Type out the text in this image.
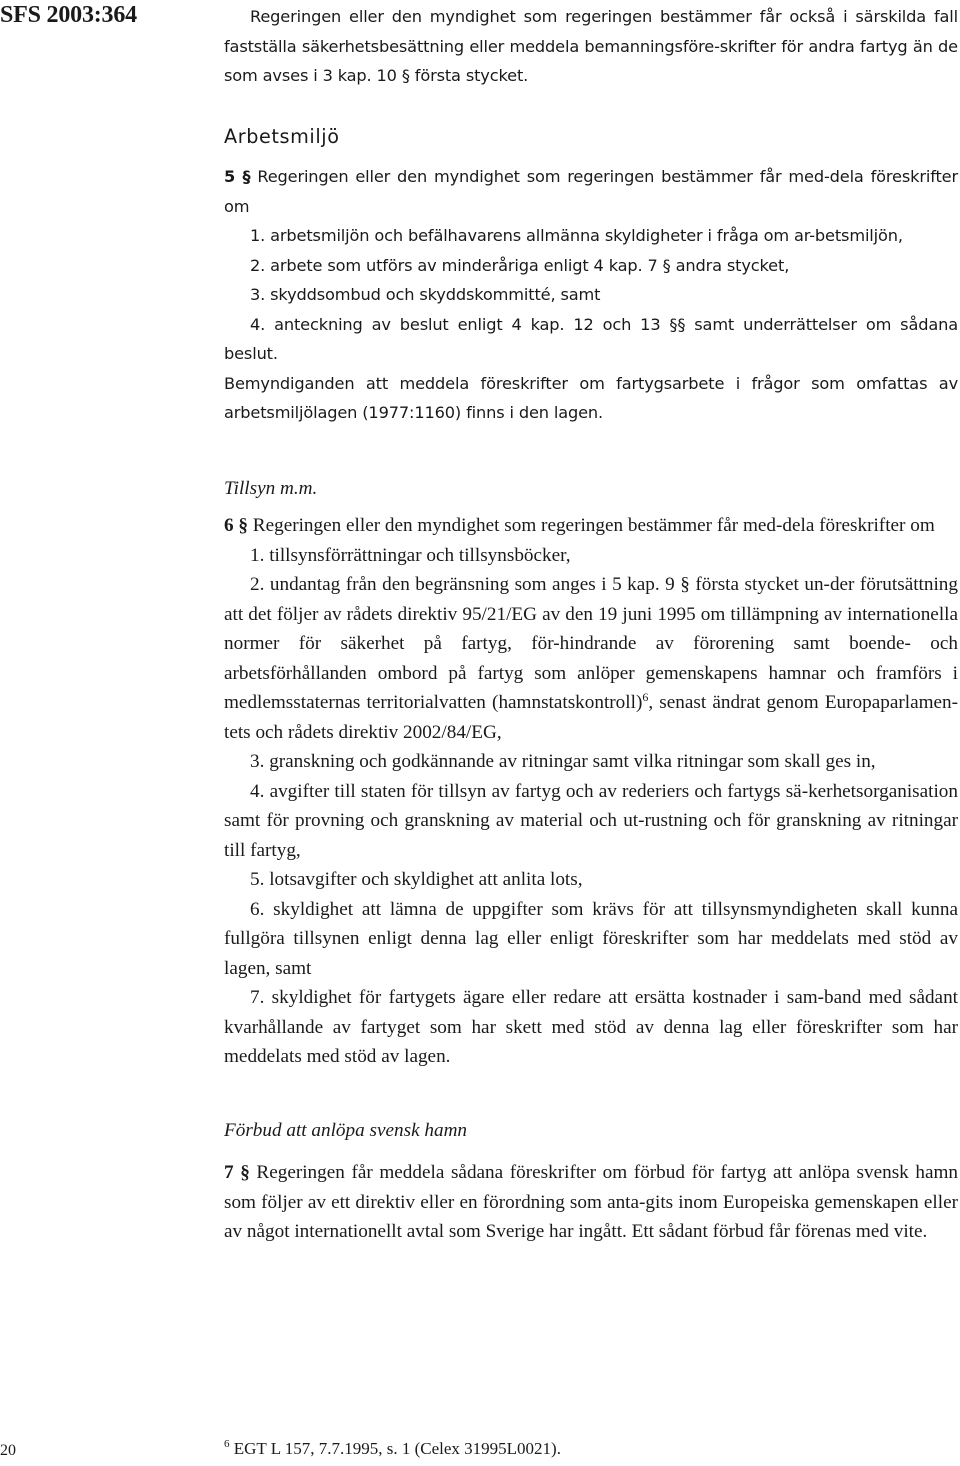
SFS 2003:364	Regeringen eller den myndighet som regeringen bestämmer får också i särskilda fall fastställa säkerhetsbesättning eller meddela bemanningsföre-skrifter för andra fartyg än de som avses i 3 kap. 10 § första stycket.

Arbetsmiljö

5 § Regeringen eller den myndighet som regeringen bestämmer får med-dela föreskrifter om

1. arbetsmiljön och befälhavarens allmänna skyldigheter i fråga om ar-betsmiljön,

2. arbete som utförs av minderåriga enligt 4 kap. 7 § andra stycket,

3. skyddsombud och skyddskommitté, samt

4. anteckning av beslut enligt 4 kap. 12 och 13 §§ samt underrättelser om sådana beslut.

Bemyndiganden att meddela föreskrifter om fartygsarbete i frågor som omfattas av arbetsmiljölagen (1977:1160) finns i den lagen.

Tillsyn m.m.

6 § Regeringen eller den myndighet som regeringen bestämmer får med-dela föreskrifter om

1. tillsynsförrättningar och tillsynsböcker,

2. undantag från den begränsning som anges i 5 kap. 9 § första stycket un-der förutsättning att det följer av rådets direktiv 95/21/EG av den 19 juni 1995 om tillämpning av internationella normer för säkerhet på fartyg, för-hindrande av förorening samt boende- och arbetsförhållanden ombord på fartyg som anlöper gemenskapens hamnar och framförs i medlemsstaternas territorialvatten (hamnstatskontroll)$^6$, senast ändrat genom Europaparlamen-tets och rådets direktiv 2002/84/EG,

3. granskning och godkännande av ritningar samt vilka ritningar som skall ges in,

4. avgifter till staten för tillsyn av fartyg och av rederiers och fartygs sä-kerhetsorganisation samt för provning och granskning av material och ut-rustning och för granskning av ritningar till fartyg,

5. lotsavgifter och skyldighet att anlita lots,

6. skyldighet att lämna de uppgifter som krävs för att tillsynsmyndigheten skall kunna fullgöra tillsynen enligt denna lag eller enligt föreskrifter som har meddelats med stöd av lagen, samt

7. skyldighet för fartygets ägare eller redare att ersätta kostnader i sam-band med sådant kvarhållande av fartyget som har skett med stöd av denna lag eller föreskrifter som har meddelats med stöd av lagen.

Förbud att anlöpa svensk hamn

7 § Regeringen får meddela sådana föreskrifter om förbud för fartyg att anlöpa svensk hamn som följer av ett direktiv eller en förordning som anta-gits inom Europeiska gemenskapen eller av något internationellt avtal som Sverige har ingått. Ett sådant förbud får förenas med vite.

20	$^6$ EGT L 157, 7.7.1995, s. 1 (Celex 31995L0021).
